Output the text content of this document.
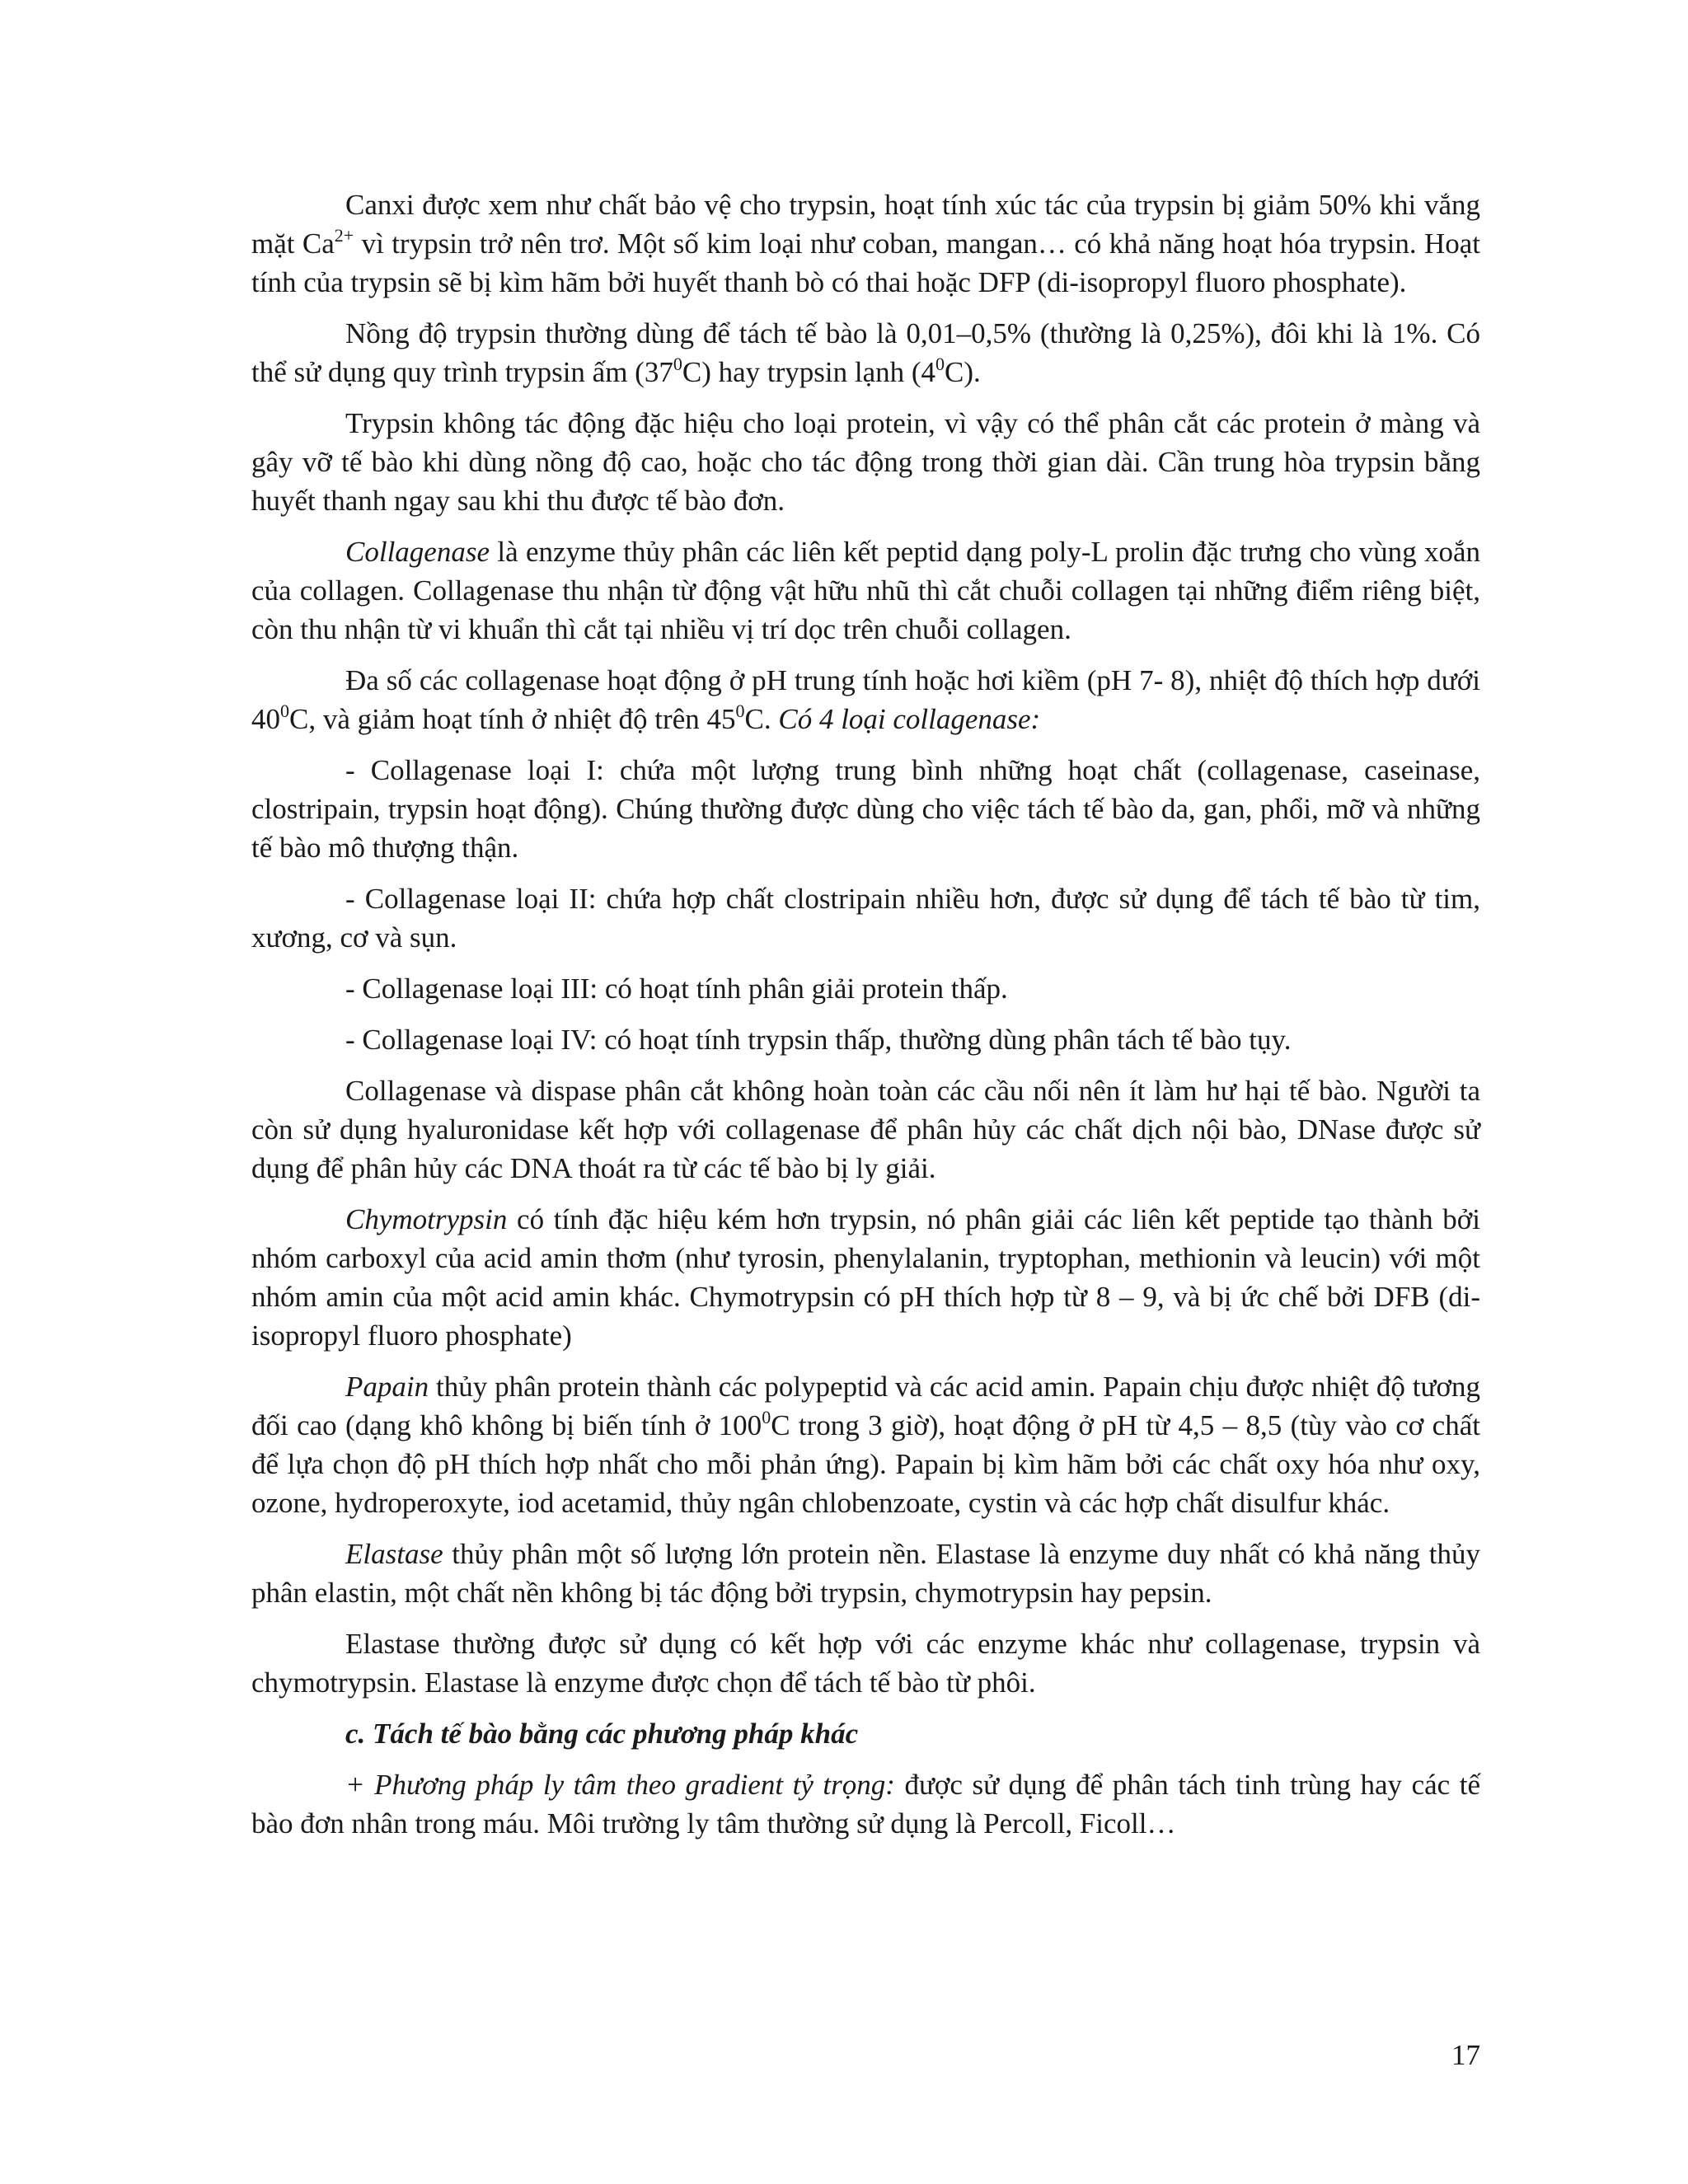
Canxi được xem như chất bảo vệ cho trypsin, hoạt tính xúc tác của trypsin bị giảm 50% khi vắng mặt $Ca^{2+}$ vì trypsin trở nên trơ. Một số kim loại như coban, mangan… có khả năng hoạt hóa trypsin. Hoạt tính của trypsin sẽ bị kìm hãm bởi huyết thanh bò có thai hoặc DFP (di-isopropyl fluoro phosphate).

Nồng độ trypsin thường dùng để tách tế bào là 0,01–0,5% (thường là 0,25%), đôi khi là 1%. Có thể sử dụng quy trình trypsin ấm $(37^0C)$ hay trypsin lạnh $(4^0C)$.

Trypsin không tác động đặc hiệu cho loại protein, vì vậy có thể phân cắt các protein ở màng và gây vỡ tế bào khi dùng nồng độ cao, hoặc cho tác động trong thời gian dài. Cần trung hòa trypsin bằng huyết thanh ngay sau khi thu được tế bào đơn.

Collagenase là enzyme thủy phân các liên kết peptid dạng poly-L prolin đặc trưng cho vùng xoắn của collagen. Collagenase thu nhận từ động vật hữu nhũ thì cắt chuỗi collagen tại những điểm riêng biệt, còn thu nhận từ vi khuẩn thì cắt tại nhiều vị trí dọc trên chuỗi collagen.

Đa số các collagenase hoạt động ở pH trung tính hoặc hơi kiềm (pH 7- 8), nhiệt độ thích hợp dưới $40^0C$, và giảm hoạt tính ở nhiệt độ trên $45^0C$. Có 4 loại collagenase:

- Collagenase loại I: chứa một lượng trung bình những hoạt chất (collagenase, caseinase, clostripain, trypsin hoạt động). Chúng thường được dùng cho việc tách tế bào da, gan, phổi, mỡ và những tế bào mô thượng thận.

- Collagenase loại II: chứa hợp chất clostripain nhiều hơn, được sử dụng để tách tế bào từ tim, xương, cơ và sụn.

- Collagenase loại III: có hoạt tính phân giải protein thấp.

- Collagenase loại IV: có hoạt tính trypsin thấp, thường dùng phân tách tế bào tụy.

Collagenase và dispase phân cắt không hoàn toàn các cầu nối nên ít làm hư hại tế bào. Người ta còn sử dụng hyaluronidase kết hợp với collagenase để phân hủy các chất dịch nội bào, DNase được sử dụng để phân hủy các DNA thoát ra từ các tế bào bị ly giải.

Chymotrypsin có tính đặc hiệu kém hơn trypsin, nó phân giải các liên kết peptide tạo thành bởi nhóm carboxyl của acid amin thơm (như tyrosin, phenylalanin, tryptophan, methionin và leucin) với một nhóm amin của một acid amin khác. Chymotrypsin có pH thích hợp từ 8 – 9, và bị ức chế bởi DFB (di-isopropyl fluoro phosphate)

Papain thủy phân protein thành các polypeptid và các acid amin. Papain chịu được nhiệt độ tương đối cao (dạng khô không bị biến tính ở $100^0C$ trong 3 giờ), hoạt động ở pH từ 4,5 – 8,5 (tùy vào cơ chất để lựa chọn độ pH thích hợp nhất cho mỗi phản ứng). Papain bị kìm hãm bởi các chất oxy hóa như oxy, ozone, hydroperoxyte, iod acetamid, thủy ngân chlobenzoate, cystin và các hợp chất disulfur khác.

Elastase thủy phân một số lượng lớn protein nền. Elastase là enzyme duy nhất có khả năng thủy phân elastin, một chất nền không bị tác động bởi trypsin, chymotrypsin hay pepsin.

Elastase thường được sử dụng có kết hợp với các enzyme khác như collagenase, trypsin và chymotrypsin. Elastase là enzyme được chọn để tách tế bào từ phôi.

c. Tách tế bào bằng các phương pháp khác

+ Phương pháp ly tâm theo gradient tỷ trọng: được sử dụng để phân tách tinh trùng hay các tế bào đơn nhân trong máu. Môi trường ly tâm thường sử dụng là Percoll, Ficoll…

17
